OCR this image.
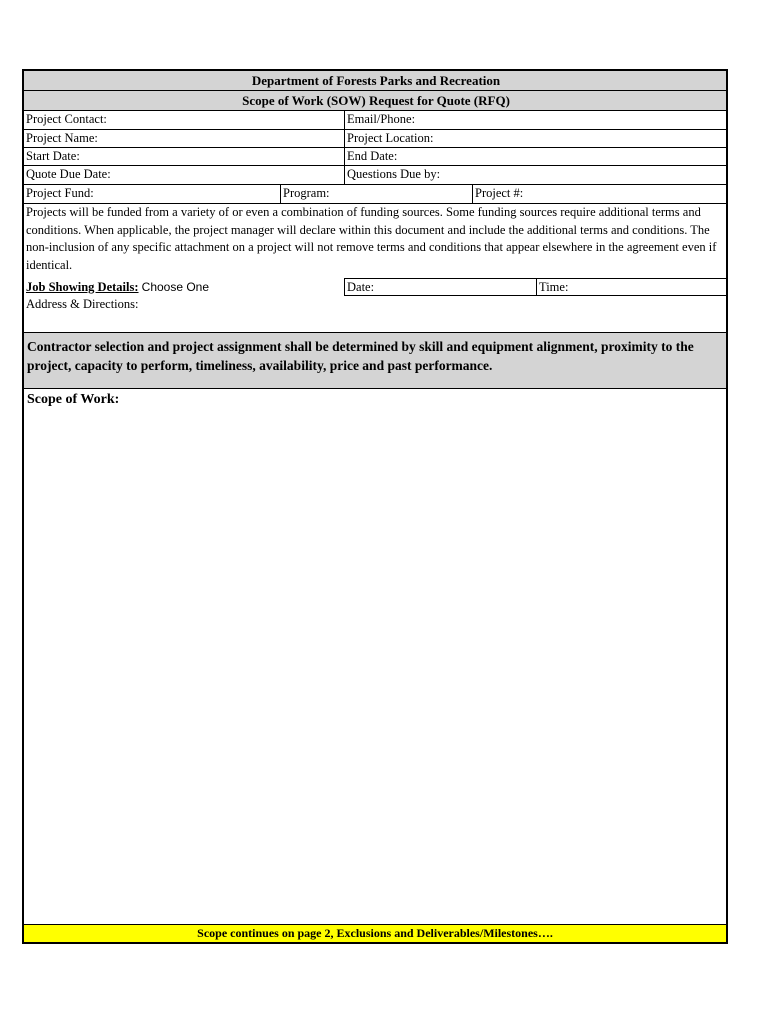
Department of Forests Parks and Recreation
Scope of Work (SOW) Request for Quote (RFQ)
Project Contact:	Email/Phone:
Project Name:	Project Location:
Start Date:	End Date:
Quote Due Date:	Questions Due by:
Project Fund:	Program:	Project #:
Projects will be funded from a variety of or even a combination of funding sources. Some funding sources require additional terms and conditions. When applicable, the project manager will declare within this document and include the additional terms and conditions. The non-inclusion of any specific attachment on a project will not remove terms and conditions that appear elsewhere in the agreement even if identical.
Job Showing Details: Choose One	Date:	Time:
Address & Directions:
Contractor selection and project assignment shall be determined by skill and equipment alignment, proximity to the project, capacity to perform, timeliness, availability, price and past performance.
Scope of Work:
Scope continues on page 2, Exclusions and Deliverables/Milestones….
